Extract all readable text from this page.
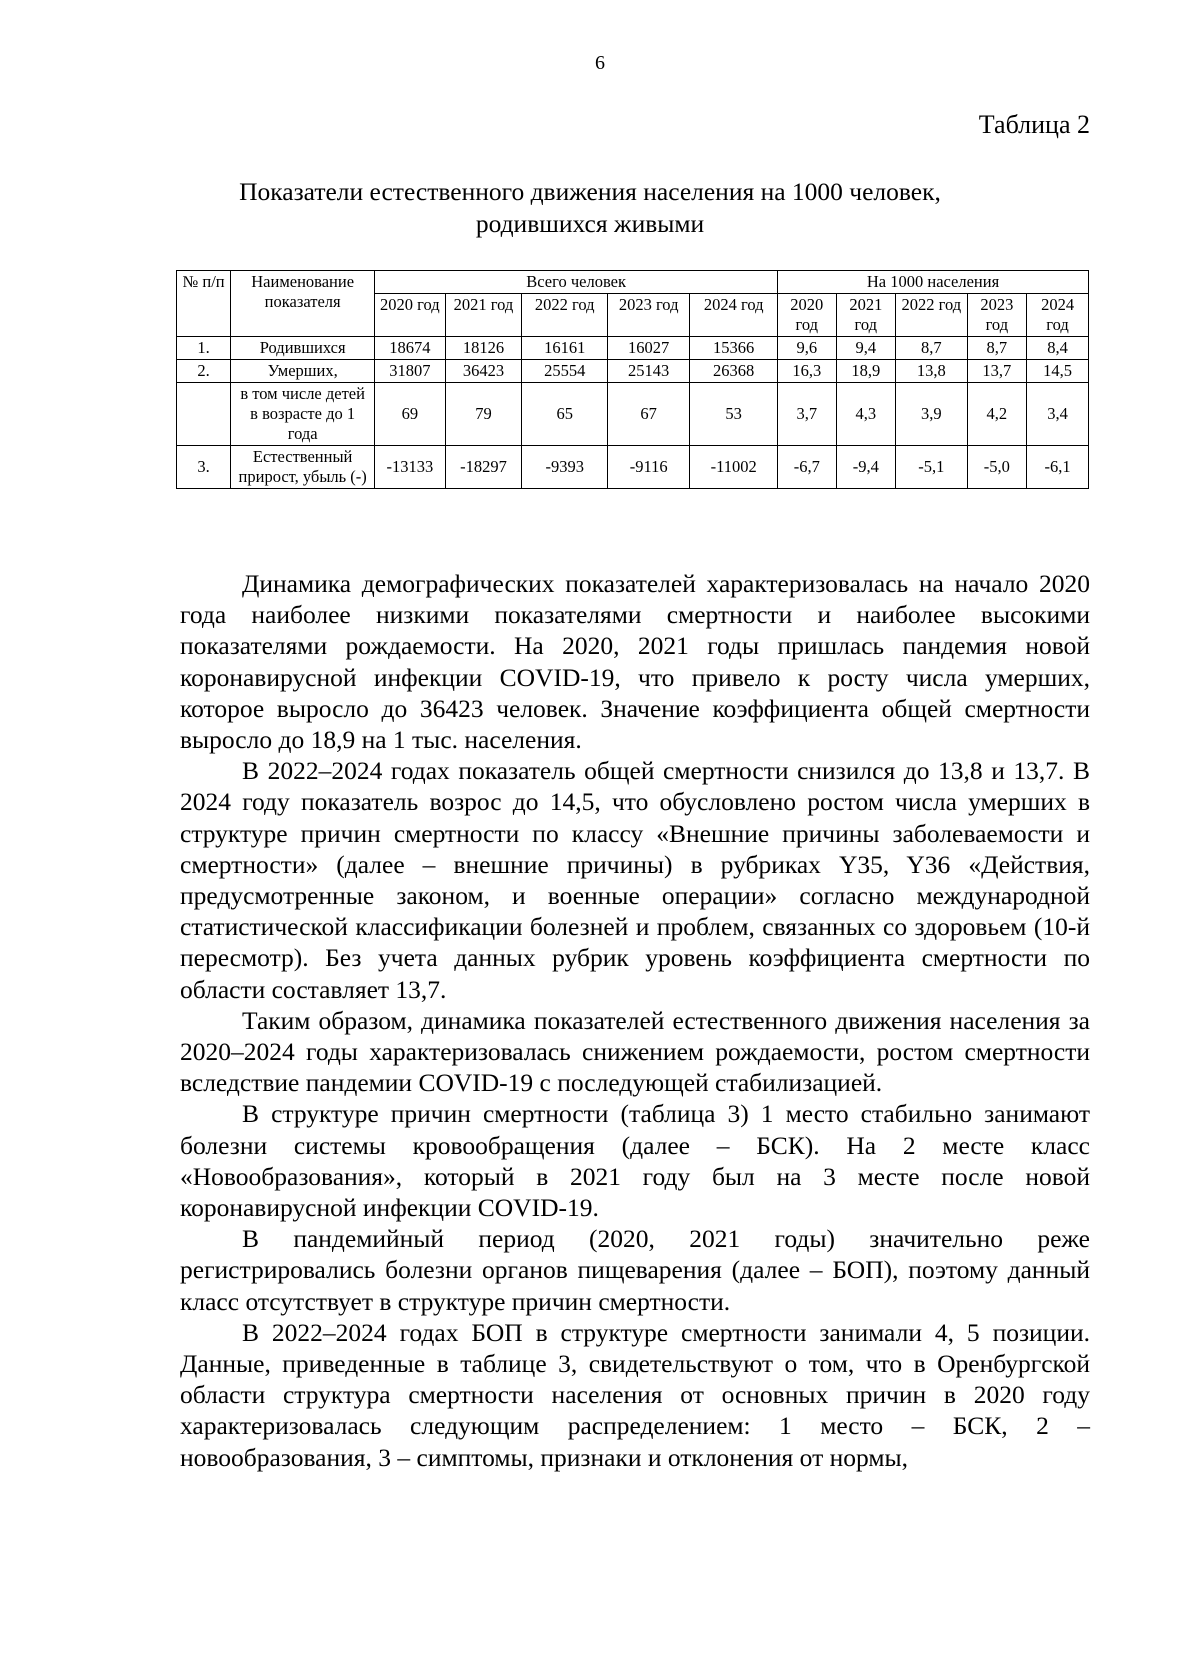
6
Таблица 2
Показатели естественного движения населения на 1000 человек,
родившихся живыми
№ п/п	Наименование показателя	Всего человек					На 1000 населения				
		2020 год	2021 год	2022 год	2023 год	2024 год	2020 год	2021 год	2022 год	2023 год	2024 год
1.	Родившихся	18674	18126	16161	16027	15366	9,6	9,4	8,7	8,7	8,4
2.	Умерших,	31807	36423	25554	25143	26368	16,3	18,9	13,8	13,7	14,5
	в том числе детей в возрасте до 1 года	69	79	65	67	53	3,7	4,3	3,9	4,2	3,4
3.	Естественный прирост, убыль (-)	-13133	-18297	-9393	-9116	-11002	-6,7	-9,4	-5,1	-5,0	-6,1

Динамика демографических показателей характеризовалась на начало 2020 года наиболее низкими показателями смертности и наиболее высокими показателями рождаемости. На 2020, 2021 годы пришлась пандемия новой коронавирусной инфекции COVID-19, что привело к росту числа умерших, которое выросло до 36423 человек. Значение коэффициента общей смертности выросло до 18,9 на 1 тыс. населения.

В 2022–2024 годах показатель общей смертности снизился до 13,8 и 13,7. В 2024 году показатель возрос до 14,5, что обусловлено ростом числа умерших в структуре причин смертности по классу «Внешние причины заболеваемости и смертности» (далее – внешние причины) в рубриках Y35, Y36 «Действия, предусмотренные законом, и военные операции» согласно международной статистической классификации болезней и проблем, связанных со здоровьем (10-й пересмотр). Без учета данных рубрик уровень коэффициента смертности по области составляет 13,7.

Таким образом, динамика показателей естественного движения населения за 2020–2024 годы характеризовалась снижением рождаемости, ростом смертности вследствие пандемии COVID-19 с последующей стабилизацией.

В структуре причин смертности (таблица 3) 1 место стабильно занимают болезни системы кровообращения (далее – БСК). На 2 месте класс «Новообразования», который в 2021 году был на 3 месте после новой коронавирусной инфекции COVID-19.

В пандемийный период (2020, 2021 годы) значительно реже регистрировались болезни органов пищеварения (далее – БОП), поэтому данный класс отсутствует в структуре причин смертности.

В 2022–2024 годах БОП в структуре смертности занимали 4, 5 позиции. Данные, приведенные в таблице 3, свидетельствуют о том, что в Оренбургской области структура смертности населения от основных причин в 2020 году характеризовалась следующим распределением: 1 место – БСК, 2 – новообразования, 3 – симптомы, признаки и отклонения от нормы,
